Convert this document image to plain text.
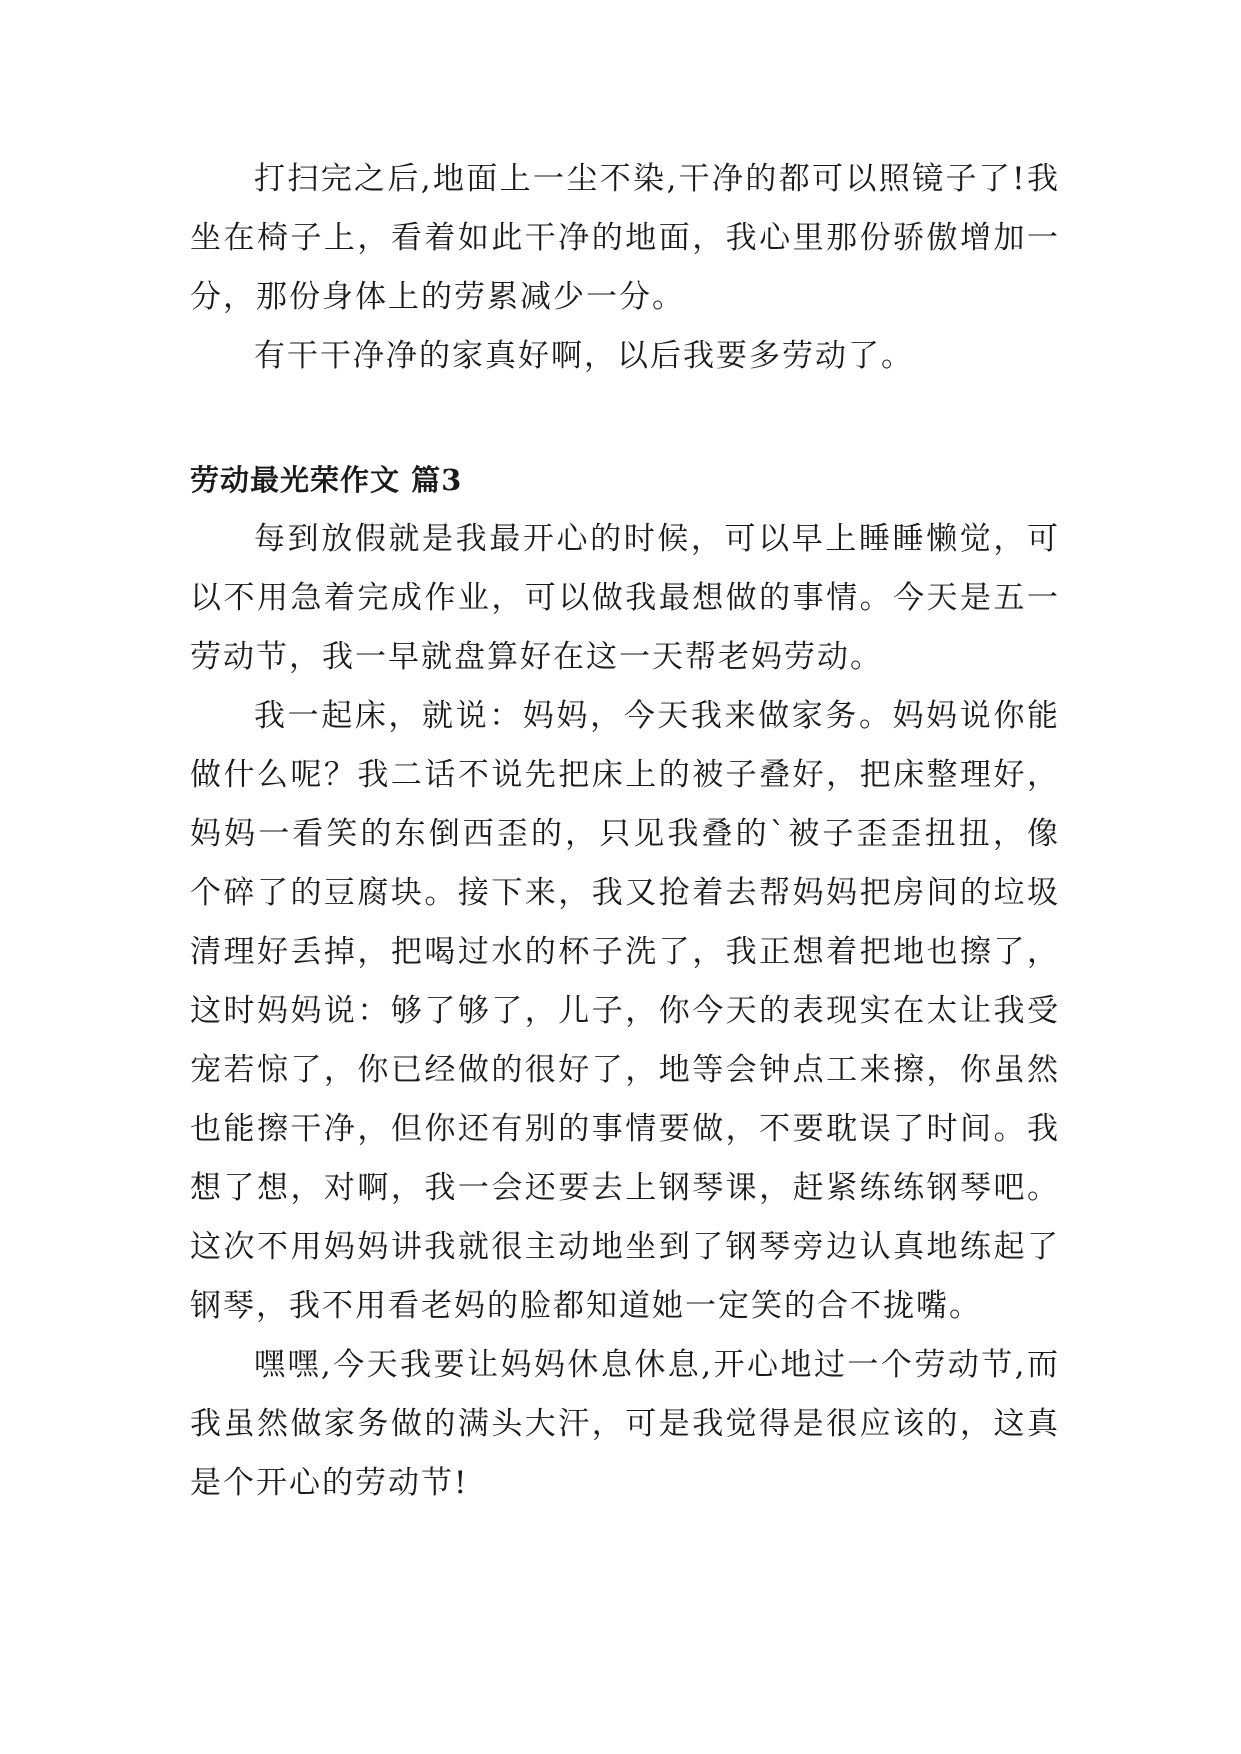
打扫完之后,地面上一尘不染,干净的都可以照镜子了!我坐在椅子上，看着如此干净的地面，我心里那份骄傲增加一分，那份身体上的劳累减少一分。

有干干净净的家真好啊，以后我要多劳动了。

劳动最光荣作文 篇3

每到放假就是我最开心的时候，可以早上睡睡懒觉，可以不用急着完成作业，可以做我最想做的事情。今天是五一劳动节，我一早就盘算好在这一天帮老妈劳动。

我一起床，就说：妈妈，今天我来做家务。妈妈说你能做什么呢？我二话不说先把床上的被子叠好，把床整理好，妈妈一看笑的东倒西歪的，只见我叠的`被子歪歪扭扭，像个碎了的豆腐块。接下来，我又抢着去帮妈妈把房间的垃圾清理好丢掉，把喝过水的杯子洗了，我正想着把地也擦了，这时妈妈说：够了够了，儿子，你今天的表现实在太让我受宠若惊了，你已经做的很好了，地等会钟点工来擦，你虽然也能擦干净，但你还有别的事情要做，不要耽误了时间。我想了想，对啊，我一会还要去上钢琴课，赶紧练练钢琴吧。这次不用妈妈讲我就很主动地坐到了钢琴旁边认真地练起了钢琴，我不用看老妈的脸都知道她一定笑的合不拢嘴。

嘿嘿,今天我要让妈妈休息休息,开心地过一个劳动节,而我虽然做家务做的满头大汗，可是我觉得是很应该的，这真是个开心的劳动节!
